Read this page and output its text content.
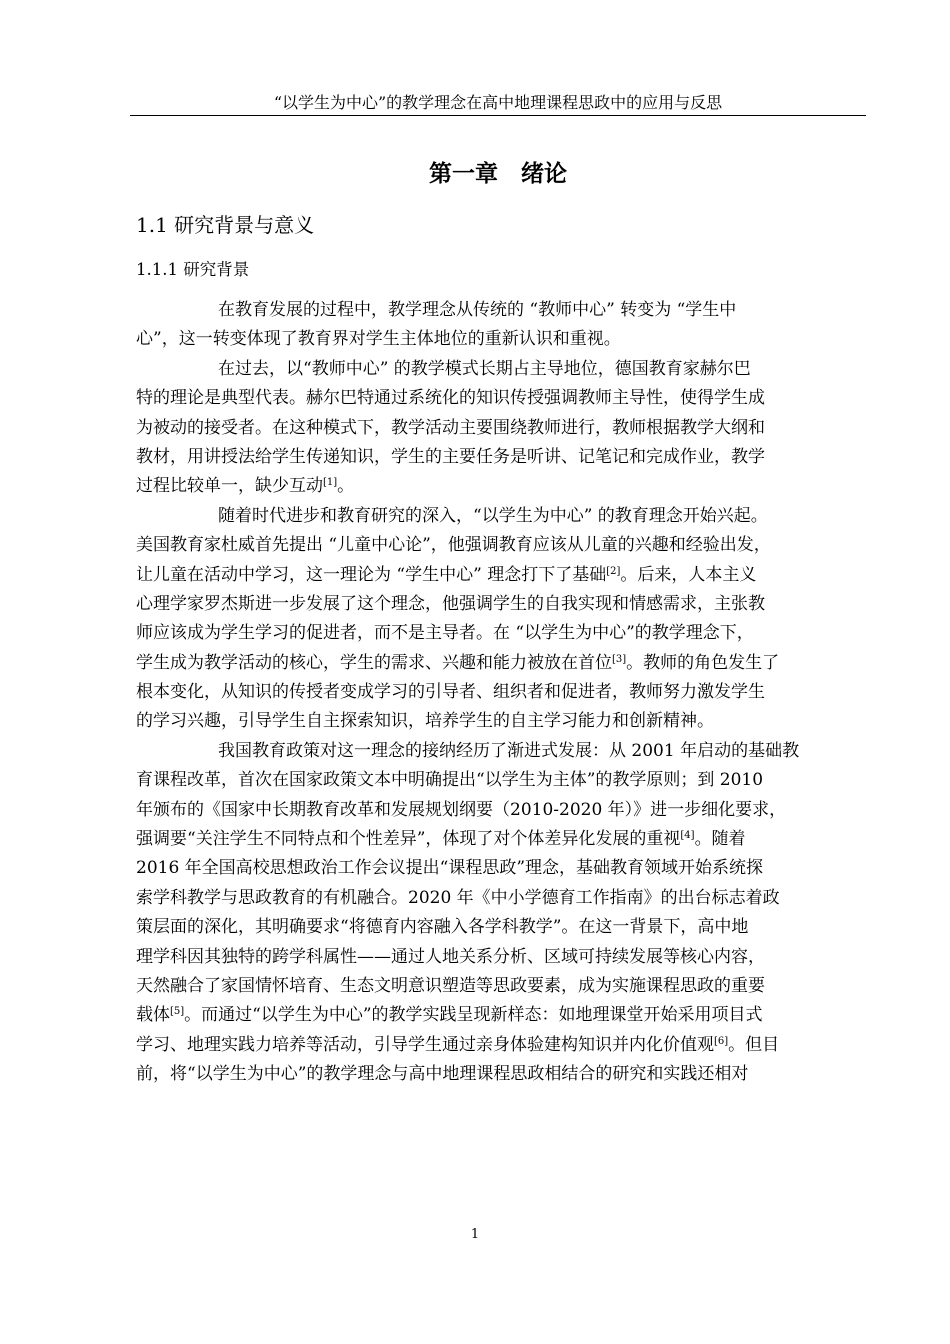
“以学生为中心”的教学理念在高中地理课程思政中的应用与反思
第一章　绪论
1.1 研究背景与意义
1.1.1 研究背景
在教育发展的过程中，教学理念从传统的 “教师中心” 转变为 “学生中
心”，这一转变体现了教育界对学生主体地位的重新认识和重视。
在过去，以“教师中心” 的教学模式长期占主导地位，德国教育家赫尔巴
特的理论是典型代表。赫尔巴特通过系统化的知识传授强调教师主导性，使得学生成
为被动的接受者。在这种模式下，教学活动主要围绕教师进行，教师根据教学大纲和
教材，用讲授法给学生传递知识，学生的主要任务是听讲、记笔记和完成作业，教学
过程比较单一，缺少互动[1]。
随着时代进步和教育研究的深入，“以学生为中心” 的教育理念开始兴起。
美国教育家杜威首先提出 “儿童中心论”，他强调教育应该从儿童的兴趣和经验出发，
让儿童在活动中学习，这一理论为 “学生中心” 理念打下了基础[2]。后来，人本主义
心理学家罗杰斯进一步发展了这个理念，他强调学生的自我实现和情感需求，主张教
师应该成为学生学习的促进者，而不是主导者。在 “以学生为中心”的教学理念下，
学生成为教学活动的核心，学生的需求、兴趣和能力被放在首位[3]。教师的角色发生了
根本变化，从知识的传授者变成学习的引导者、组织者和促进者，教师努力激发学生
的学习兴趣，引导学生自主探索知识，培养学生的自主学习能力和创新精神。
我国教育政策对这一理念的接纳经历了渐进式发展：从 2001 年启动的基础教
育课程改革，首次在国家政策文本中明确提出“以学生为主体”的教学原则；到 2010
年颁布的《国家中长期教育改革和发展规划纲要（2010-2020 年）》进一步细化要求，
强调要“关注学生不同特点和个性差异”，体现了对个体差异化发展的重视[4]。随着
2016 年全国高校思想政治工作会议提出“课程思政”理念，基础教育领域开始系统探
索学科教学与思政教育的有机融合。2020 年《中小学德育工作指南》的出台标志着政
策层面的深化，其明确要求“将德育内容融入各学科教学”。在这一背景下，高中地
理学科因其独特的跨学科属性——通过人地关系分析、区域可持续发展等核心内容，
天然融合了家国情怀培育、生态文明意识塑造等思政要素，成为实施课程思政的重要
载体[5]。而通过“以学生为中心”的教学实践呈现新样态：如地理课堂开始采用项目式
学习、地理实践力培养等活动，引导学生通过亲身体验建构知识并内化价值观[6]。但目
前，将“以学生为中心”的教学理念与高中地理课程思政相结合的研究和实践还相对
1
